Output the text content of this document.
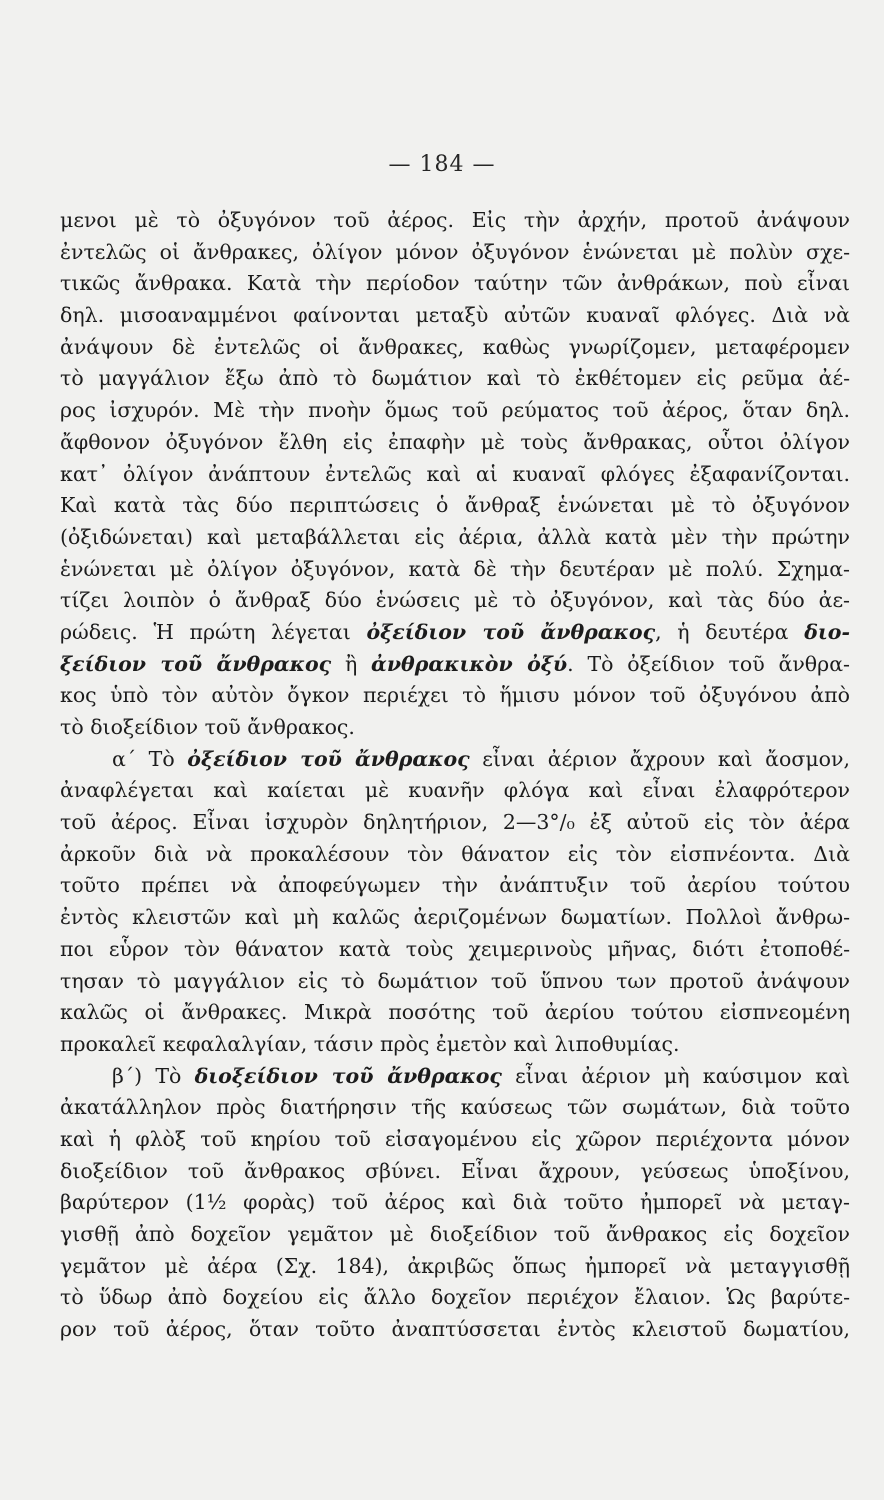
— 184 —
μενοι μὲ τὸ ὀξυγόνον τοῦ ἀέρος. Εἰς τὴν ἀρχήν, προτοῦ ἀνάψουν
ἐντελῶς οἱ ἄνθρακες, ὀλίγον μόνον ὀξυγόνον ἑνώνεται μὲ πολὺν σχε-
τικῶς ἄνθρακα. Κατὰ τὴν περίοδον ταύτην τῶν ἀνθράκων, ποὺ εἶναι
δηλ. μισοαναμμένοι φαίνονται μεταξὺ αὐτῶν κυαναῖ φλόγες. Διὰ νὰ
ἀνάψουν δὲ ἐντελῶς οἱ ἄνθρακες, καθὼς γνωρίζομεν, μεταφέρομεν
τὸ μαγγάλιον ἔξω ἀπὸ τὸ δωμάτιον καὶ τὸ ἐκθέτομεν εἰς ρεῦμα ἀέ-
ρος ἰσχυρόν. Μὲ τὴν πνοὴν ὅμως τοῦ ρεύματος τοῦ ἀέρος, ὅταν δηλ.
ἄφθονον ὀξυγόνον ἔλθη εἰς ἐπαφὴν μὲ τοὺς ἄνθρακας, οὗτοι ὀλίγον
κατ᾽ ὀλίγον ἀνάπτουν ἐντελῶς καὶ αἱ κυαναῖ φλόγες ἐξαφανίζονται.
Καὶ κατὰ τὰς δύο περιπτώσεις ὁ ἄνθραξ ἑνώνεται μὲ τὸ ὀξυγόνον
(ὀξιδώνεται) καὶ μεταβάλλεται εἰς ἀέρια, ἀλλὰ κατὰ μὲν τὴν πρώτην
ἑνώνεται μὲ ὀλίγον ὀξυγόνον, κατὰ δὲ τὴν δευτέραν μὲ πολύ. Σχημα-
τίζει λοιπὸν ὁ ἄνθραξ δύο ἑνώσεις μὲ τὸ ὀξυγόνον, καὶ τὰς δύο ἀε-
ρώδεις. Ἡ πρώτη λέγεται ὀξείδιον τοῦ ἄνθρακος, ἡ δευτέρα διο-
ξείδιον τοῦ ἄνθρακος ἢ ἀνθρακικὸν ὀξύ. Τὸ ὀξείδιον τοῦ ἄνθρα-
κος ὑπὸ τὸν αὐτὸν ὄγκον περιέχει τὸ ἥμισυ μόνον τοῦ ὀξυγόνου ἀπὸ
τὸ διοξείδιον τοῦ ἄνθρακος.
α΄ Τὸ ὀξείδιον τοῦ ἄνθρακος εἶναι ἀέριον ἄχρουν καὶ ἄοσμον,
ἀναφλέγεται καὶ καίεται μὲ κυανῆν φλόγα καὶ εἶναι ἐλαφρότερον
τοῦ ἀέρος. Εἶναι ἰσχυρὸν δηλητήριον, 2—3°/₀ ἐξ αὐτοῦ εἰς τὸν ἀέρα
ἀρκοῦν διὰ νὰ προκαλέσουν τὸν θάνατον εἰς τὸν εἰσπνέοντα. Διὰ
τοῦτο πρέπει νὰ ἀποφεύγωμεν τὴν ἀνάπτυξιν τοῦ ἀερίου τούτου
ἐντὸς κλειστῶν καὶ μὴ καλῶς ἀεριζομένων δωματίων. Πολλοὶ ἄνθρω-
ποι εὗρον τὸν θάνατον κατὰ τοὺς χειμερινοὺς μῆνας, διότι ἐτοποθέ-
τησαν τὸ μαγγάλιον εἰς τὸ δωμάτιον τοῦ ὕπνου των προτοῦ ἀνάψουν
καλῶς οἱ ἄνθρακες. Μικρὰ ποσότης τοῦ ἀερίου τούτου εἰσπνεομένη
προκαλεῖ κεφαλαλγίαν, τάσιν πρὸς ἐμετὸν καὶ λιποθυμίας.
β΄) Τὸ διοξείδιον τοῦ ἄνθρακος εἶναι ἀέριον μὴ καύσιμον καὶ
ἀκατάλληλον πρὸς διατήρησιν τῆς καύσεως τῶν σωμάτων, διὰ τοῦτο
καὶ ἡ φλὸξ τοῦ κηρίου τοῦ εἰσαγομένου εἰς χῶρον περιέχοντα μόνον
διοξείδιον τοῦ ἄνθρακος σβύνει. Εἶναι ἄχρουν, γεύσεως ὑποξίνου,
βαρύτερον (1½ φορὰς) τοῦ ἀέρος καὶ διὰ τοῦτο ἠμπορεῖ νὰ μεταγ-
γισθῇ ἀπὸ δοχεῖον γεμᾶτον μὲ διοξείδιον τοῦ ἄνθρακος εἰς δοχεῖον
γεμᾶτον μὲ ἀέρα (Σχ. 184), ἀκριβῶς ὅπως ἠμπορεῖ νὰ μεταγγισθῇ
τὸ ὕδωρ ἀπὸ δοχείου εἰς ἄλλο δοχεῖον περιέχον ἔλαιον. Ὡς βαρύτε-
ρον τοῦ ἀέρος, ὅταν τοῦτο ἀναπτύσσεται ἐντὸς κλειστοῦ δωματίου,
